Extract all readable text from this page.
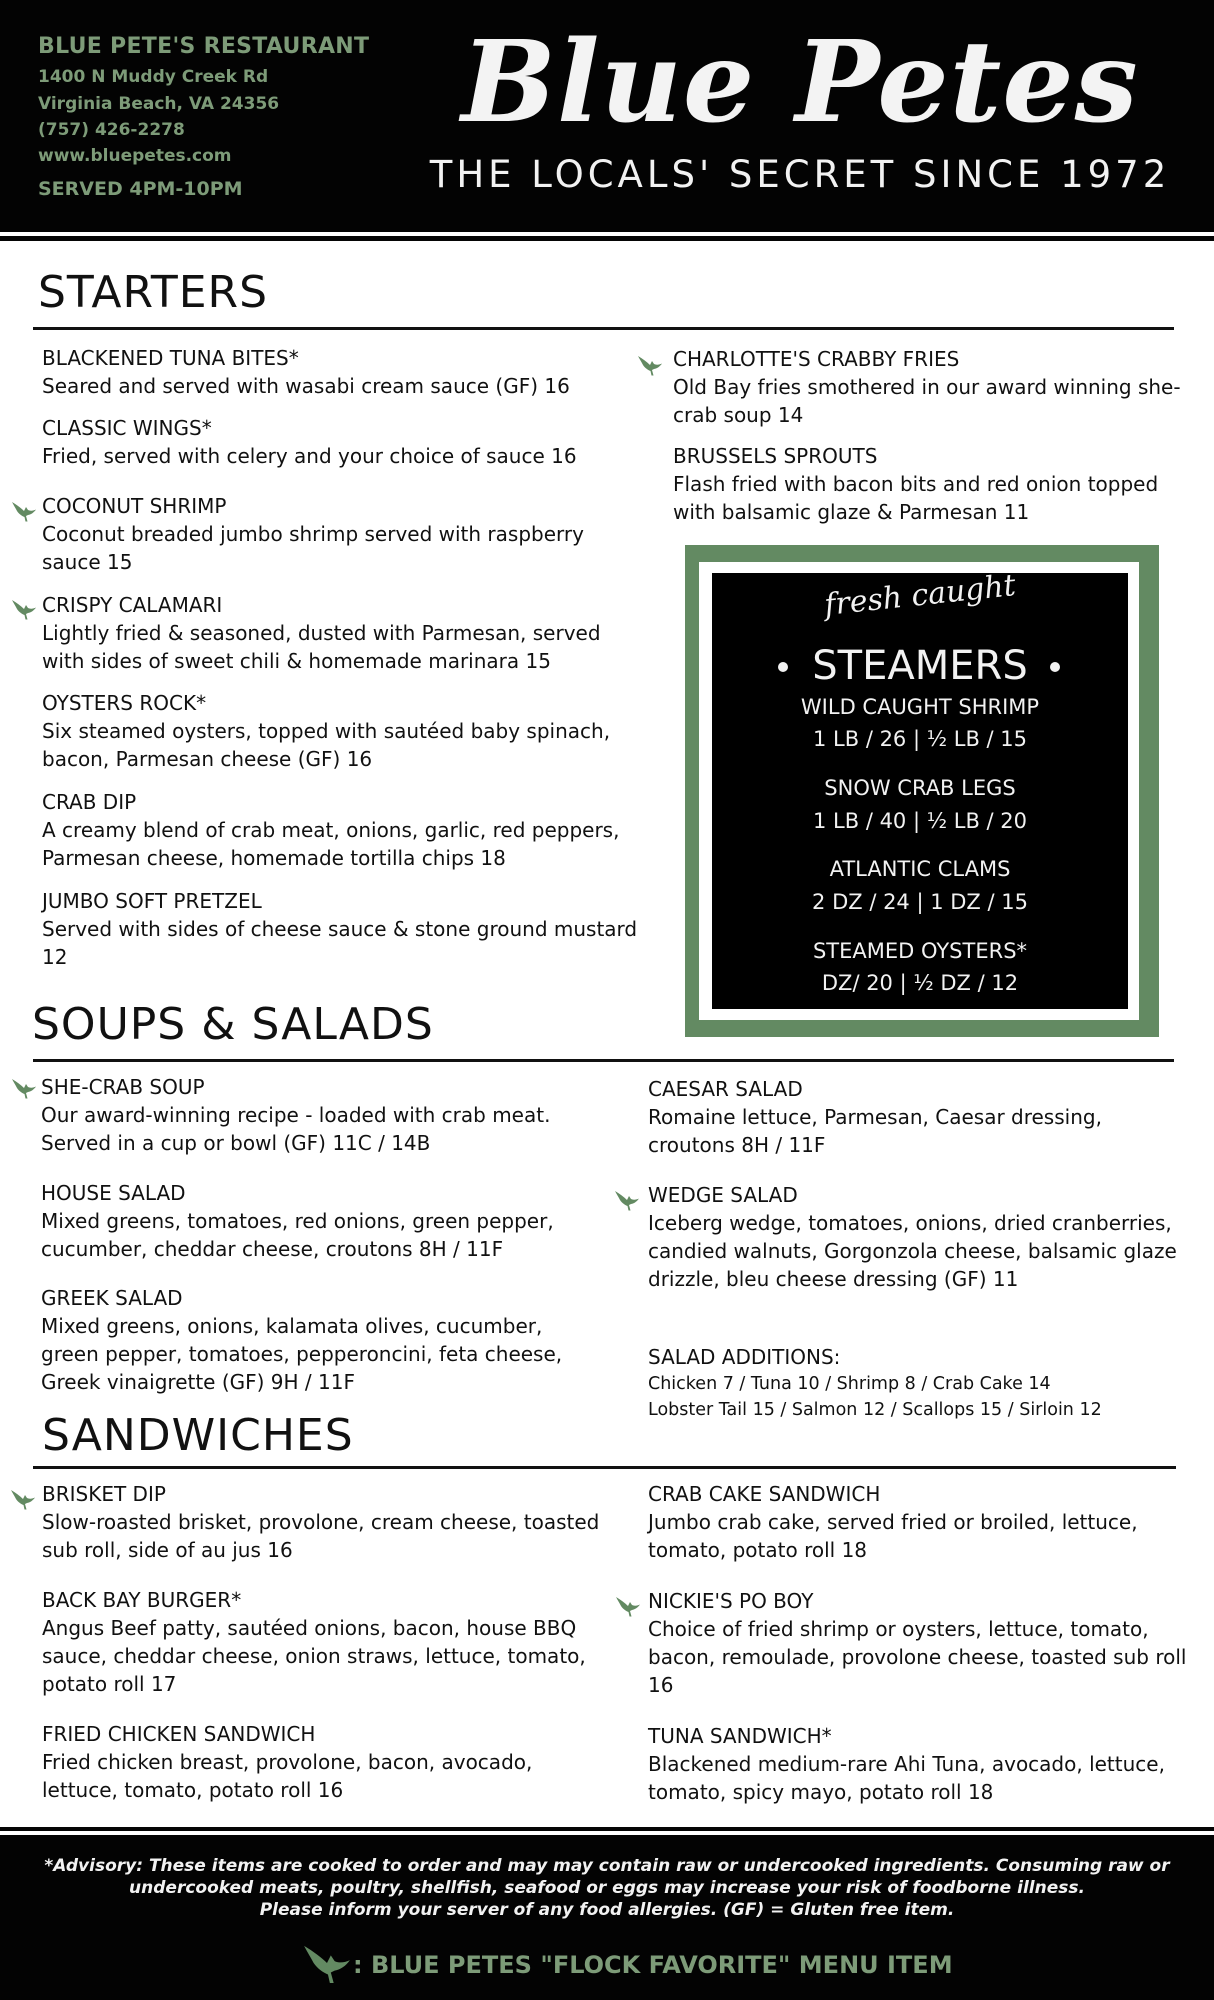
BLUE PETE'S RESTAURANT
1400 N Muddy Creek Rd
Virginia Beach, VA 24356
(757) 426-2278
www.bluepetes.com
SERVED 4PM-10PM
Blue Petes
THE LOCALS' SECRET SINCE 1972
STARTERS
BLACKENED TUNA BITES*
Seared and served with wasabi cream sauce (GF) 16
CLASSIC WINGS*
Fried, served with celery and your choice of sauce 16
COCONUT SHRIMP
Coconut breaded jumbo shrimp served with raspberry sauce 15
CRISPY CALAMARI
Lightly fried & seasoned, dusted with Parmesan, served with sides of sweet chili & homemade marinara 15
OYSTERS ROCK*
Six steamed oysters, topped with sautéed baby spinach, bacon, Parmesan cheese (GF) 16
CRAB DIP
A creamy blend of crab meat, onions, garlic, red peppers, Parmesan cheese, homemade tortilla chips 18
JUMBO SOFT PRETZEL
Served with sides of cheese sauce & stone ground mustard 12
CHARLOTTE'S CRABBY FRIES
Old Bay fries smothered in our award winning she-crab soup 14
BRUSSELS SPROUTS
Flash fried with bacon bits and red onion topped with balsamic glaze & Parmesan 11
fresh caught
STEAMERS
WILD CAUGHT SHRIMP
1 LB / 26 | ½ LB / 15
SNOW CRAB LEGS
1 LB / 40 | ½ LB / 20
ATLANTIC CLAMS
2 DZ / 24 | 1 DZ / 15
STEAMED OYSTERS*
DZ/ 20 | ½ DZ / 12
SOUPS & SALADS
SHE-CRAB SOUP
Our award-winning recipe - loaded with crab meat. Served in a cup or bowl (GF) 11C / 14B
HOUSE SALAD
Mixed greens, tomatoes, red onions, green pepper, cucumber, cheddar cheese, croutons 8H / 11F
GREEK SALAD
Mixed greens, onions, kalamata olives, cucumber, green pepper, tomatoes, pepperoncini, feta cheese, Greek vinaigrette (GF) 9H / 11F
CAESAR SALAD
Romaine lettuce, Parmesan, Caesar dressing, croutons 8H / 11F
WEDGE SALAD
Iceberg wedge, tomatoes, onions, dried cranberries, candied walnuts, Gorgonzola cheese, balsamic glaze drizzle, bleu cheese dressing (GF) 11
SALAD ADDITIONS:
Chicken 7 / Tuna 10 / Shrimp 8 / Crab Cake 14
Lobster Tail 15 / Salmon 12 / Scallops 15 / Sirloin 12
SANDWICHES
BRISKET DIP
Slow-roasted brisket, provolone, cream cheese, toasted sub roll, side of au jus 16
BACK BAY BURGER*
Angus Beef patty, sautéed onions, bacon, house BBQ sauce, cheddar cheese, onion straws, lettuce, tomato, potato roll 17
FRIED CHICKEN SANDWICH
Fried chicken breast, provolone, bacon, avocado, lettuce, tomato, potato roll 16
CRAB CAKE SANDWICH
Jumbo crab cake, served fried or broiled, lettuce, tomato, potato roll 18
NICKIE'S PO BOY
Choice of fried shrimp or oysters, lettuce, tomato, bacon, remoulade, provolone cheese, toasted sub roll 16
TUNA SANDWICH*
Blackened medium-rare Ahi Tuna, avocado, lettuce, tomato, spicy mayo, potato roll 18
*Advisory: These items are cooked to order and may may contain raw or undercooked ingredients. Consuming raw or
undercooked meats, poultry, shellfish, seafood or eggs may increase your risk of foodborne illness.
Please inform your server of any food allergies. (GF) = Gluten free item.
: BLUE PETES "FLOCK FAVORITE" MENU ITEM
